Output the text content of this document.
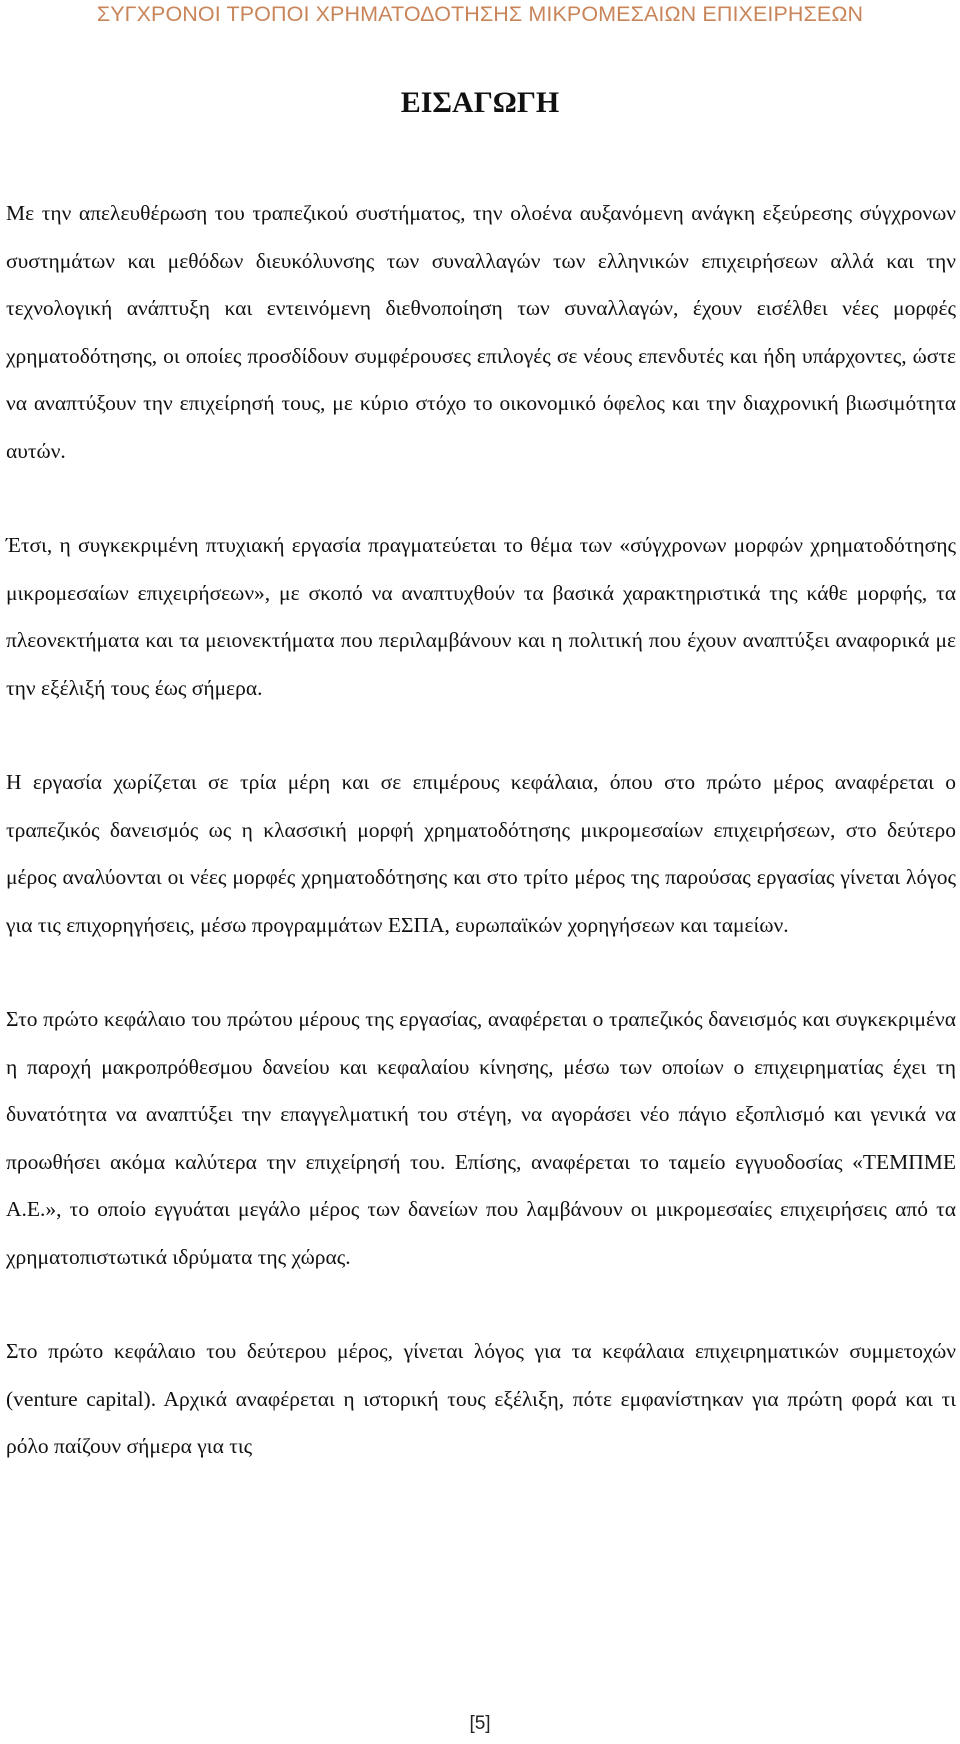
ΣΥΓΧΡΟΝΟΙ ΤΡΟΠΟΙ ΧΡΗΜΑΤΟΔΟΤΗΣΗΣ ΜΙΚΡΟΜΕΣΑΙΩΝ ΕΠΙΧΕΙΡΗΣΕΩΝ
ΕΙΣΑΓΩΓΗ

Με την απελευθέρωση του τραπεζικού συστήματος, την ολοένα αυξανόμενη ανάγκη εξεύρεσης σύγχρονων συστημάτων και μεθόδων διευκόλυνσης των συναλλαγών των ελληνικών επιχειρήσεων αλλά και την τεχνολογική ανάπτυξη και εντεινόμενη διεθνοποίηση των συναλλαγών, έχουν εισέλθει νέες μορφές χρηματοδότησης, οι οποίες προσδίδουν συμφέρουσες επιλογές σε νέους επενδυτές και ήδη υπάρχοντες, ώστε να αναπτύξουν την επιχείρησή τους, με κύριο στόχο το οικονομικό όφελος και την διαχρονική βιωσιμότητα αυτών.

Έτσι, η συγκεκριμένη πτυχιακή εργασία πραγματεύεται το θέμα των «σύγχρονων μορφών χρηματοδότησης μικρομεσαίων επιχειρήσεων», με σκοπό να αναπτυχθούν τα βασικά χαρακτηριστικά της κάθε μορφής, τα πλεονεκτήματα και τα μειονεκτήματα που περιλαμβάνουν και η πολιτική που έχουν αναπτύξει αναφορικά με την εξέλιξή τους έως σήμερα.

Η εργασία χωρίζεται σε τρία μέρη και σε επιμέρους κεφάλαια, όπου στο πρώτο μέρος αναφέρεται ο τραπεζικός δανεισμός ως η κλασσική μορφή χρηματοδότησης μικρομεσαίων επιχειρήσεων, στο δεύτερο μέρος αναλύονται οι νέες μορφές χρηματοδότησης και στο τρίτο μέρος της παρούσας εργασίας γίνεται λόγος για τις επιχορηγήσεις, μέσω προγραμμάτων ΕΣΠΑ, ευρωπαϊκών χορηγήσεων και ταμείων.

Στο πρώτο κεφάλαιο του πρώτου μέρους της εργασίας, αναφέρεται ο τραπεζικός δανεισμός και συγκεκριμένα η παροχή μακροπρόθεσμου δανείου και κεφαλαίου κίνησης, μέσω των οποίων ο επιχειρηματίας έχει τη δυνατότητα να αναπτύξει την επαγγελματική του στέγη, να αγοράσει νέο πάγιο εξοπλισμό και γενικά να προωθήσει ακόμα καλύτερα την επιχείρησή του. Επίσης, αναφέρεται το ταμείο εγγυοδοσίας «ΤΕΜΠΜΕ Α.Ε.», το οποίο εγγυάται μεγάλο μέρος των δανείων που λαμβάνουν οι μικρομεσαίες επιχειρήσεις από τα χρηματοπιστωτικά ιδρύματα της χώρας.

Στο πρώτο κεφάλαιο του δεύτερου μέρος, γίνεται λόγος για τα κεφάλαια επιχειρηματικών συμμετοχών (venture capital). Αρχικά αναφέρεται η ιστορική τους εξέλιξη, πότε εμφανίστηκαν για πρώτη φορά και τι ρόλο παίζουν σήμερα για τις

[5]
